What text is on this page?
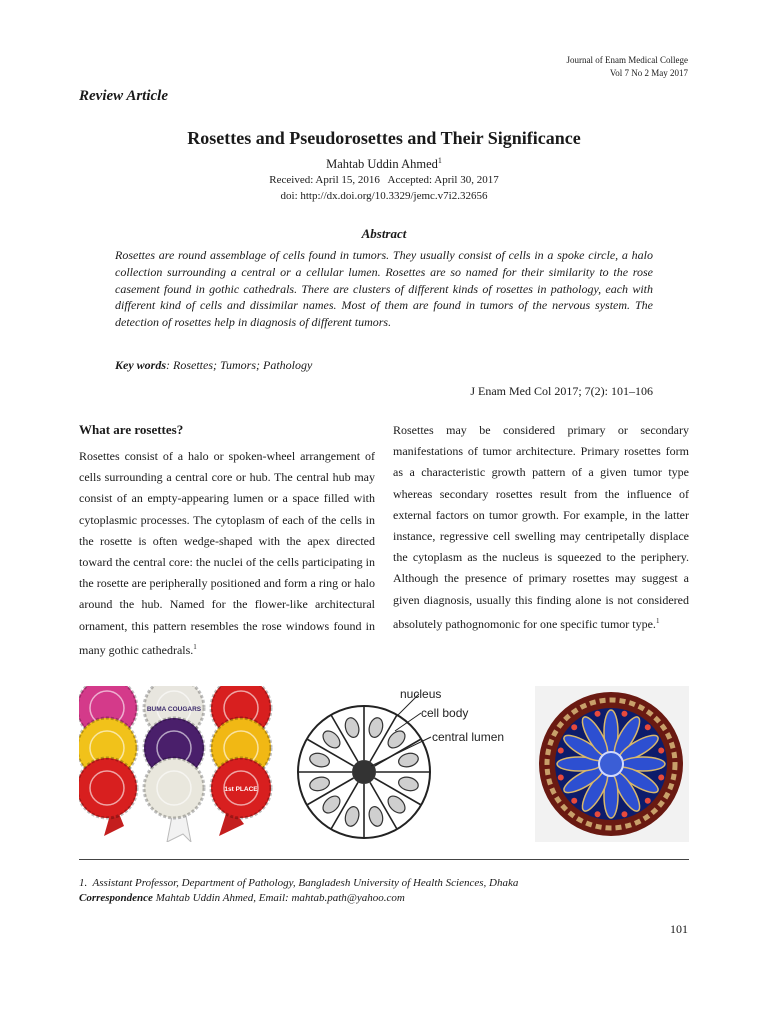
Journal of Enam Medical College
Vol 7 No 2 May 2017
Review Article
Rosettes and Pseudorosettes and Their Significance
Mahtab Uddin Ahmed$^1$
Received: April 15, 2016   Accepted: April 30, 2017
doi: http://dx.doi.org/10.3329/jemc.v7i2.32656
Abstract
Rosettes are round assemblage of cells found in tumors. They usually consist of cells in a spoke circle, a halo collection surrounding a central or a cellular lumen. Rosettes are so named for their similarity to the rose casement found in gothic cathedrals. There are clusters of different kinds of rosettes in pathology, each with different kind of cells and dissimilar names. Most of them are found in tumors of the nervous system. The detection of rosettes help in diagnosis of different tumors.
Key words: Rosettes; Tumors; Pathology
J Enam Med Col 2017; 7(2): 101–106
What are rosettes?
Rosettes consist of a halo or spoken-wheel arrangement of cells surrounding a central core or hub. The central hub may consist of an empty-appearing lumen or a space filled with cytoplasmic processes. The cytoplasm of each of the cells in the rosette is often wedge-shaped with the apex directed toward the central core: the nuclei of the cells participating in the rosette are peripherally positioned and form a ring or halo around the hub. Named for the flower-like architectural ornament, this pattern resembles the rose windows found in many gothic cathedrals.$^1$
Rosettes may be considered primary or secondary manifestations of tumor architecture. Primary rosettes form as a characteristic growth pattern of a given tumor type whereas secondary rosettes result from the influence of external factors on tumor growth. For example, in the latter instance, regressive cell swelling may centripetally displace the cytoplasm as the nucleus is squeezed to the periphery. Although the presence of primary rosettes may suggest a given diagnosis, usually this finding alone is not considered absolutely pathognomonic for one specific tumor type.$^1$
BUMA COUGARS
1st PLACE
nucleus
cell body
central lumen
1.  Assistant Professor, Department of Pathology, Bangladesh University of Health Sciences, Dhaka
Correspondence Mahtab Uddin Ahmed, Email: mahtab.path@yahoo.com
101
